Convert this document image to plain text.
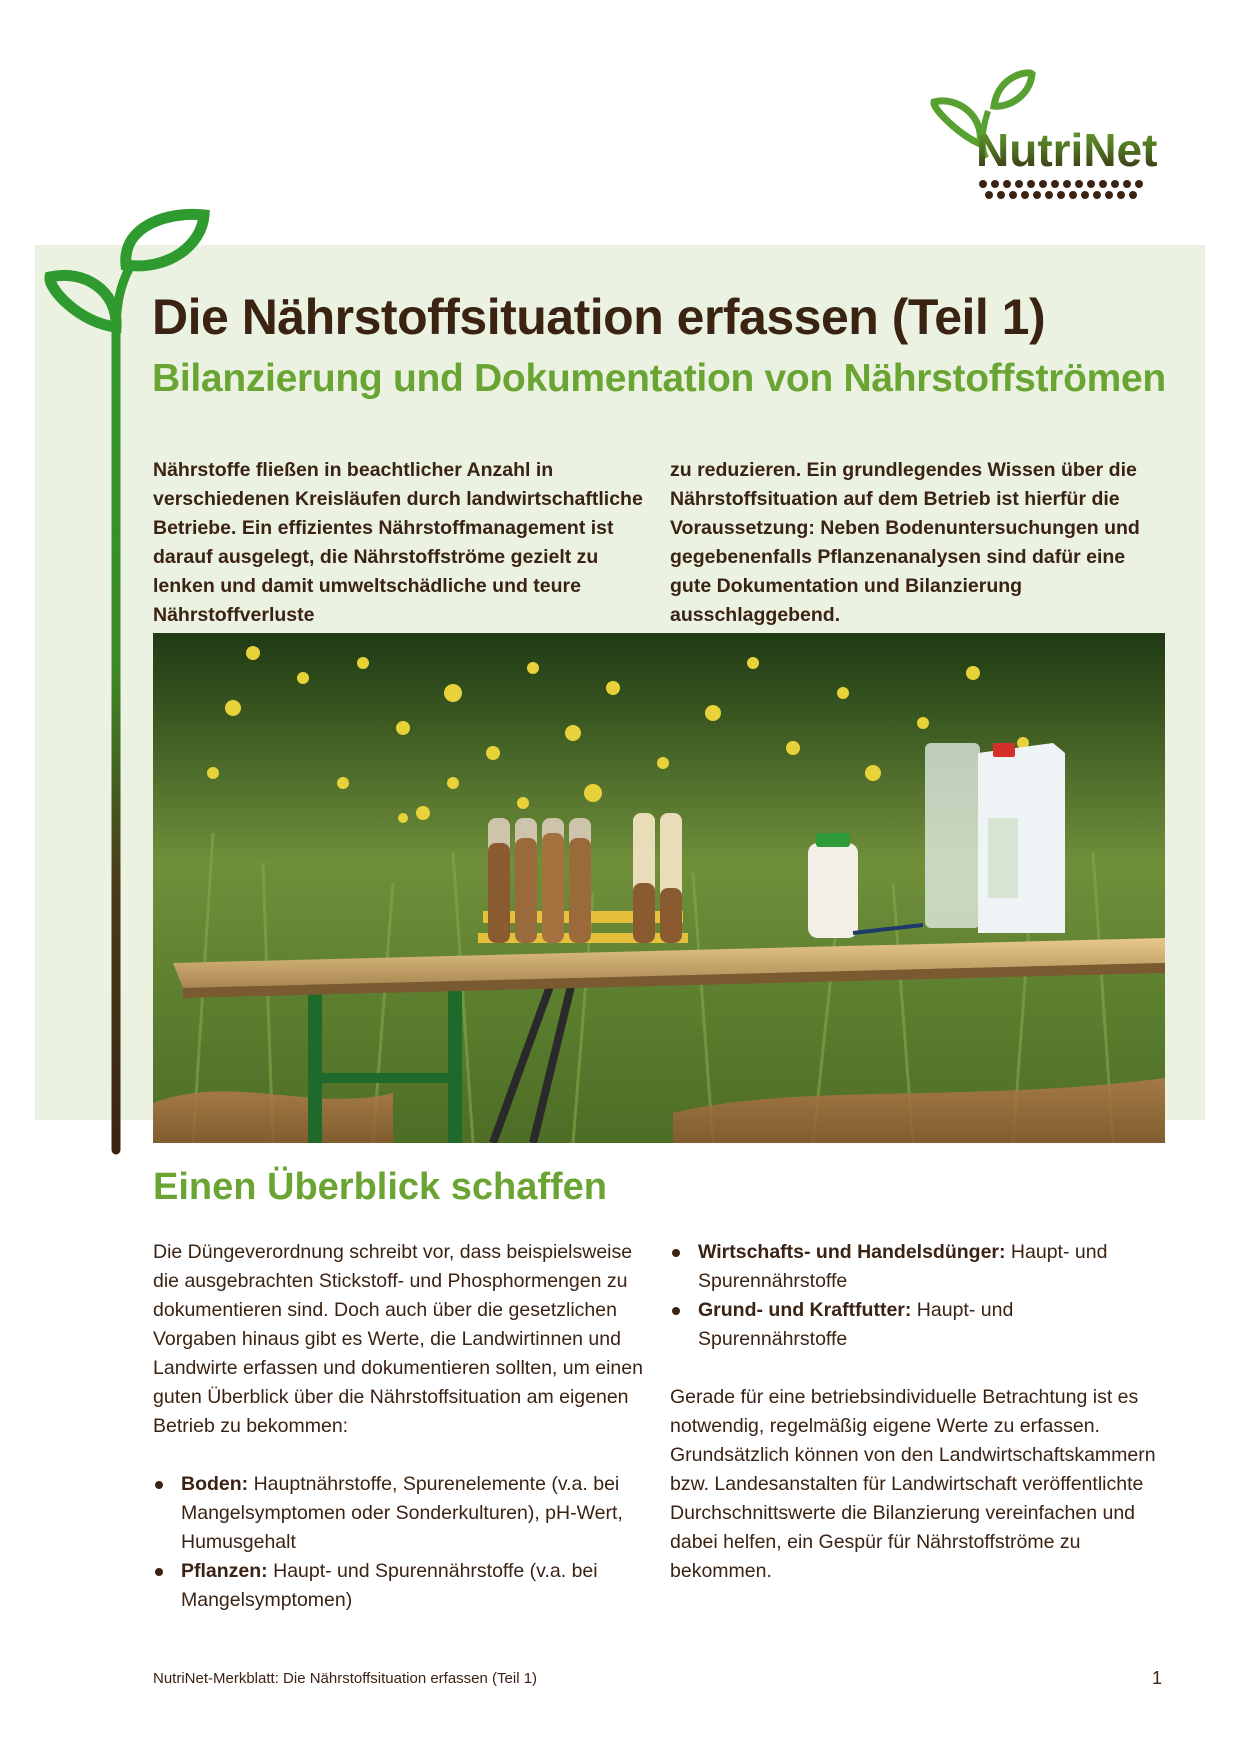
NutriNet
Die Nährstoffsituation erfassen (Teil 1)
Bilanzierung und Dokumentation von Nährstoffströmen

Nährstoffe fließen in beachtlicher Anzahl in verschiedenen Kreisläufen durch landwirtschaftliche Betriebe. Ein effizientes Nährstoffmanagement ist darauf ausgelegt, die Nährstoffströme gezielt zu lenken und damit umweltschädliche und teure Nährstoffverluste

zu reduzieren. Ein grundlegendes Wissen über die Nährstoffsituation auf dem Betrieb ist hierfür die Voraussetzung: Neben Bodenuntersuchungen und gegebenenfalls Pflanzenanalysen sind dafür eine gute Dokumentation und Bilanzierung ausschlaggebend.

Einen Überblick schaffen

Die Düngeverordnung schreibt vor, dass beispielsweise die ausgebrachten Stickstoff- und Phosphormengen zu dokumentieren sind. Doch auch über die gesetzlichen Vorgaben hinaus gibt es Werte, die Landwirtinnen und Landwirte erfassen und dokumentieren sollten, um einen guten Überblick über die Nährstoffsituation am eigenen Betrieb zu bekommen:

Boden: Hauptnährstoffe, Spurenelemente (v.a. bei Mangelsymptomen oder Sonderkulturen), pH-Wert, Humusgehalt
Pflanzen: Haupt- und Spurennährstoffe (v.a. bei Mangelsymptomen)
Wirtschafts- und Handelsdünger: Haupt- und Spurennährstoffe
Grund- und Kraftfutter: Haupt- und Spurennährstoffe

Gerade für eine betriebsindividuelle Betrachtung ist es notwendig, regelmäßig eigene Werte zu erfassen. Grundsätzlich können von den Landwirtschaftskammern bzw. Landesanstalten für Landwirtschaft veröffentlichte Durchschnittswerte die Bilanzierung vereinfachen und dabei helfen, ein Gespür für Nährstoffströme zu bekommen.

NutriNet-Merkblatt: Die Nährstoffsituation erfassen (Teil 1)	1
